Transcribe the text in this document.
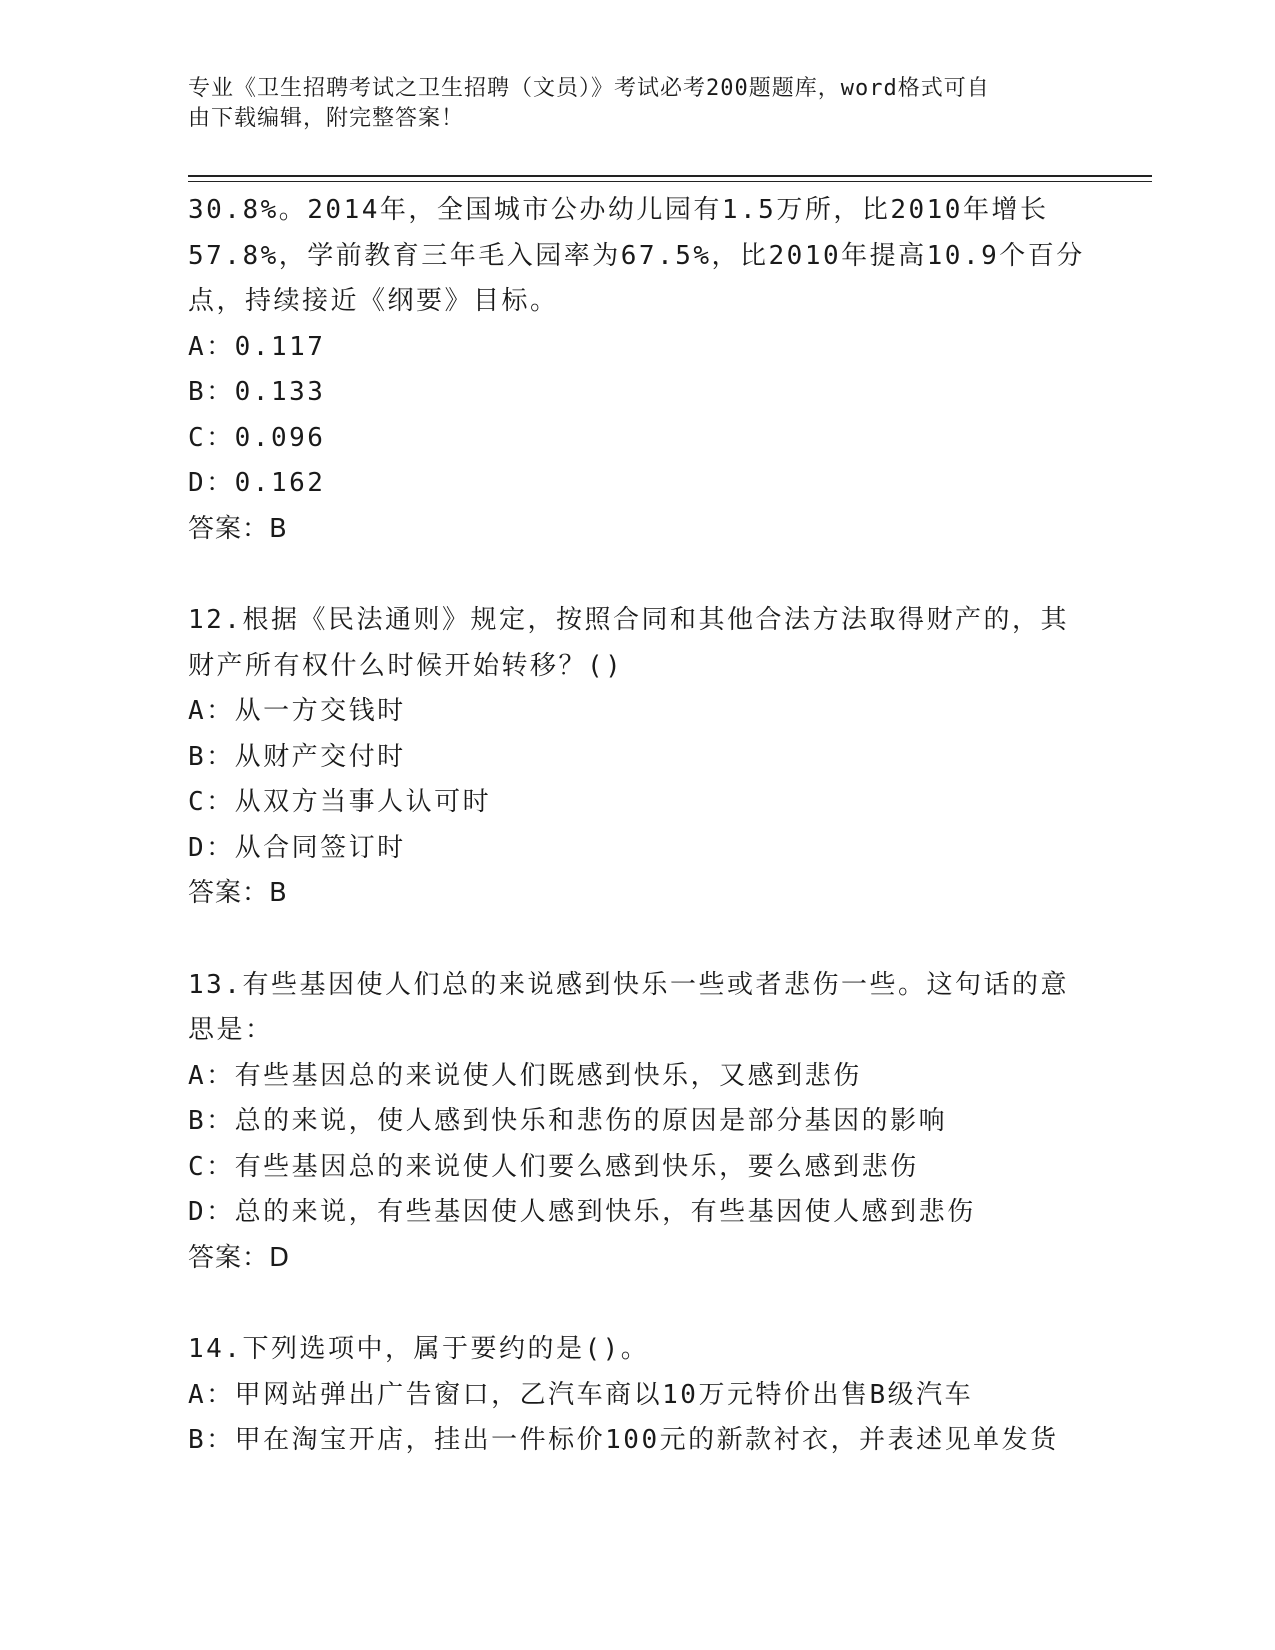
专业《卫生招聘考试之卫生招聘（文员）》考试必考200题题库，word格式可自
由下载编辑，附完整答案！
30.8%。2014年，全国城市公办幼儿园有1.5万所，比2010年增长
57.8%，学前教育三年毛入园率为67.5%，比2010年提高10.9个百分
点，持续接近《纲要》目标。
A：0.117
B：0.133
C：0.096
D：0.162
答案：B
12.根据《民法通则》规定，按照合同和其他合法方法取得财产的，其
财产所有权什么时候开始转移？()
A：从一方交钱时
B：从财产交付时
C：从双方当事人认可时
D：从合同签订时
答案：B
13.有些基因使人们总的来说感到快乐一些或者悲伤一些。这句话的意
思是：
A：有些基因总的来说使人们既感到快乐，又感到悲伤
B：总的来说，使人感到快乐和悲伤的原因是部分基因的影响
C：有些基因总的来说使人们要么感到快乐，要么感到悲伤
D：总的来说，有些基因使人感到快乐，有些基因使人感到悲伤
答案：D
14.下列选项中，属于要约的是()。
A：甲网站弹出广告窗口，乙汽车商以10万元特价出售B级汽车
B：甲在淘宝开店，挂出一件标价100元的新款衬衣，并表述见单发货
